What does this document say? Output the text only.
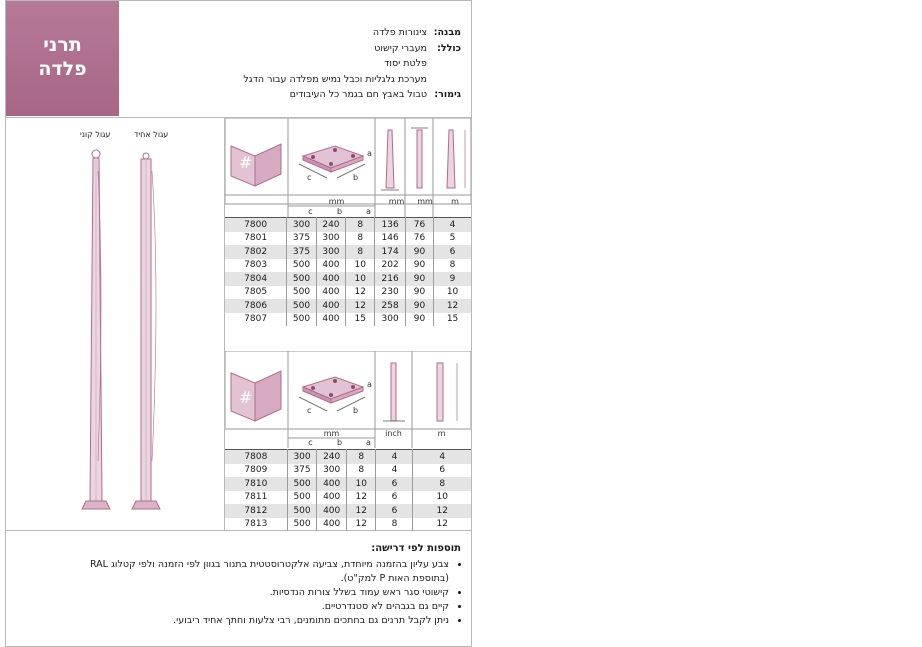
תרני
פלדה
מבנה:
צינורות פלדה
כולל:
מעברי קישוט
פלטת יסוד
מערכת גלגליות וכבל נמיש מפלדה עבור הדגל
גימור:
טבול באבץ חם בגמר כל העיבודים
עגול אחיד
עגול קוני
#
c	b
a
mm
c	b	a
mm	mm	m
7800	300	240	8	136	76	4
7801	375	300	8	146	76	5
7802	375	300	8	174	90	6
7803	500	400	10	202	90	8
7804	500	400	10	216	90	9
7805	500	400	12	230	90	10
7806	500	400	12	258	90	12
7807	500	400	15	300	90	15
#
c	b
a
mm
c	b	a
inch	m
7808	300	240	8	4	4
7809	375	300	8	4	6
7810	500	400	10	6	8
7811	500	400	12	6	10
7812	500	400	12	6	12
7813	500	400	12	8	12
תוספות לפי דרישה:
• צבע עליון בהזמנה מיוחדת, צביעה אלקטרוסטטית בתנור בגוון לפי הזמנה ולפי קטלוג RAL (בתוספת האות P למק"ט).
• קישוטי סגר ראש עמוד בשלל צורות הנדסיות.
• קיים גם בגבהים לא סטנדרטיים.
• ניתן לקבל תרנים גם בחתכים מתומנים, רבי צלעות וחתך אחיד ריבועי.
